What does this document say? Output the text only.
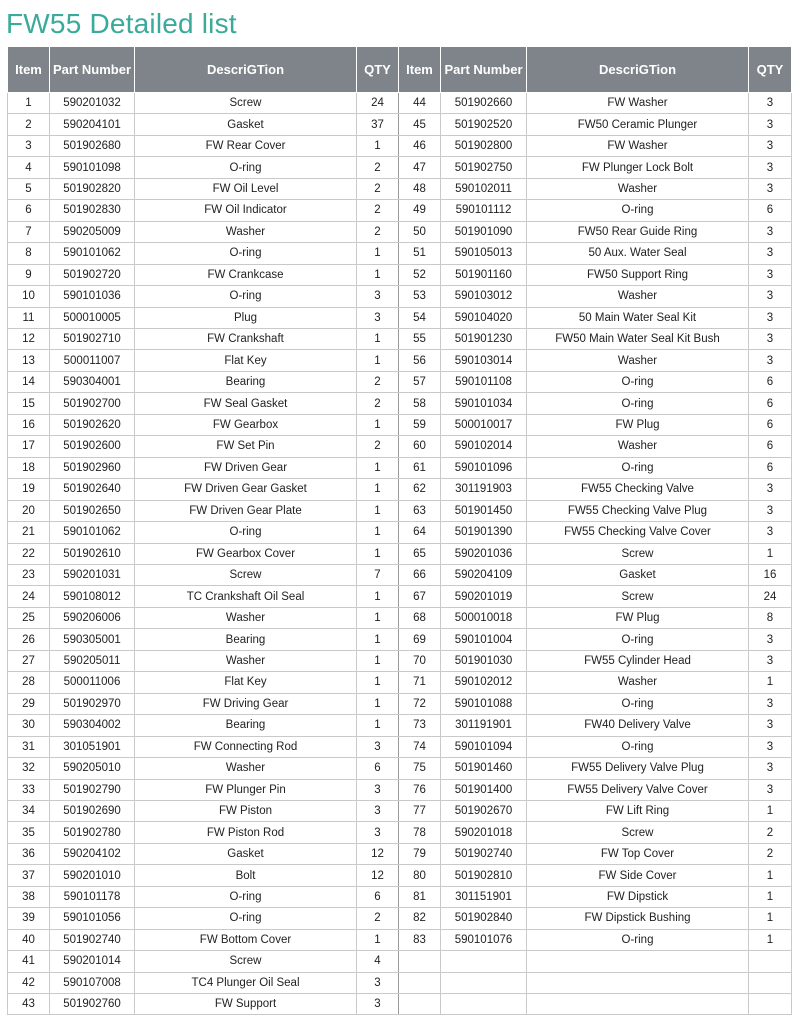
FW55 Detailed list
Item	Part Number	DescriGTion	QTY	Item	Part Number	DescriGTion	QTY
1	590201032	Screw	24	44	501902660	FW Washer	3
2	590204101	Gasket	37	45	501902520	FW50 Ceramic Plunger	3
3	501902680	FW Rear Cover	1	46	501902800	FW Washer	3
4	590101098	O-ring	2	47	501902750	FW Plunger Lock Bolt	3
5	501902820	FW Oil Level	2	48	590102011	Washer	3
6	501902830	FW Oil Indicator	2	49	590101112	O-ring	6
7	590205009	Washer	2	50	501901090	FW50 Rear Guide Ring	3
8	590101062	O-ring	1	51	590105013	50 Aux. Water Seal	3
9	501902720	FW Crankcase	1	52	501901160	FW50 Support Ring	3
10	590101036	O-ring	3	53	590103012	Washer	3
11	500010005	Plug	3	54	590104020	50 Main Water Seal Kit	3
12	501902710	FW Crankshaft	1	55	501901230	FW50 Main Water Seal Kit Bush	3
13	500011007	Flat Key	1	56	590103014	Washer	3
14	590304001	Bearing	2	57	590101108	O-ring	6
15	501902700	FW Seal Gasket	2	58	590101034	O-ring	6
16	501902620	FW Gearbox	1	59	500010017	FW Plug	6
17	501902600	FW Set Pin	2	60	590102014	Washer	6
18	501902960	FW Driven Gear	1	61	590101096	O-ring	6
19	501902640	FW Driven Gear Gasket	1	62	301191903	FW55 Checking Valve	3
20	501902650	FW Driven Gear Plate	1	63	501901450	FW55 Checking Valve Plug	3
21	590101062	O-ring	1	64	501901390	FW55 Checking Valve Cover	3
22	501902610	FW Gearbox Cover	1	65	590201036	Screw	1
23	590201031	Screw	7	66	590204109	Gasket	16
24	590108012	TC Crankshaft Oil Seal	1	67	590201019	Screw	24
25	590206006	Washer	1	68	500010018	FW Plug	8
26	590305001	Bearing	1	69	590101004	O-ring	3
27	590205011	Washer	1	70	501901030	FW55 Cylinder Head	3
28	500011006	Flat Key	1	71	590102012	Washer	1
29	501902970	FW Driving Gear	1	72	590101088	O-ring	3
30	590304002	Bearing	1	73	301191901	FW40 Delivery Valve	3
31	301051901	FW Connecting Rod	3	74	590101094	O-ring	3
32	590205010	Washer	6	75	501901460	FW55 Delivery Valve Plug	3
33	501902790	FW Plunger Pin	3	76	501901400	FW55 Delivery Valve Cover	3
34	501902690	FW Piston	3	77	501902670	FW Lift Ring	1
35	501902780	FW Piston Rod	3	78	590201018	Screw	2
36	590204102	Gasket	12	79	501902740	FW Top Cover	2
37	590201010	Bolt	12	80	501902810	FW Side Cover	1
38	590101178	O-ring	6	81	301151901	FW Dipstick	1
39	590101056	O-ring	2	82	501902840	FW Dipstick Bushing	1
40	501902740	FW Bottom Cover	1	83	590101076	O-ring	1
41	590201014	Screw	4				
42	590107008	TC4 Plunger Oil Seal	3				
43	501902760	FW Support	3				
